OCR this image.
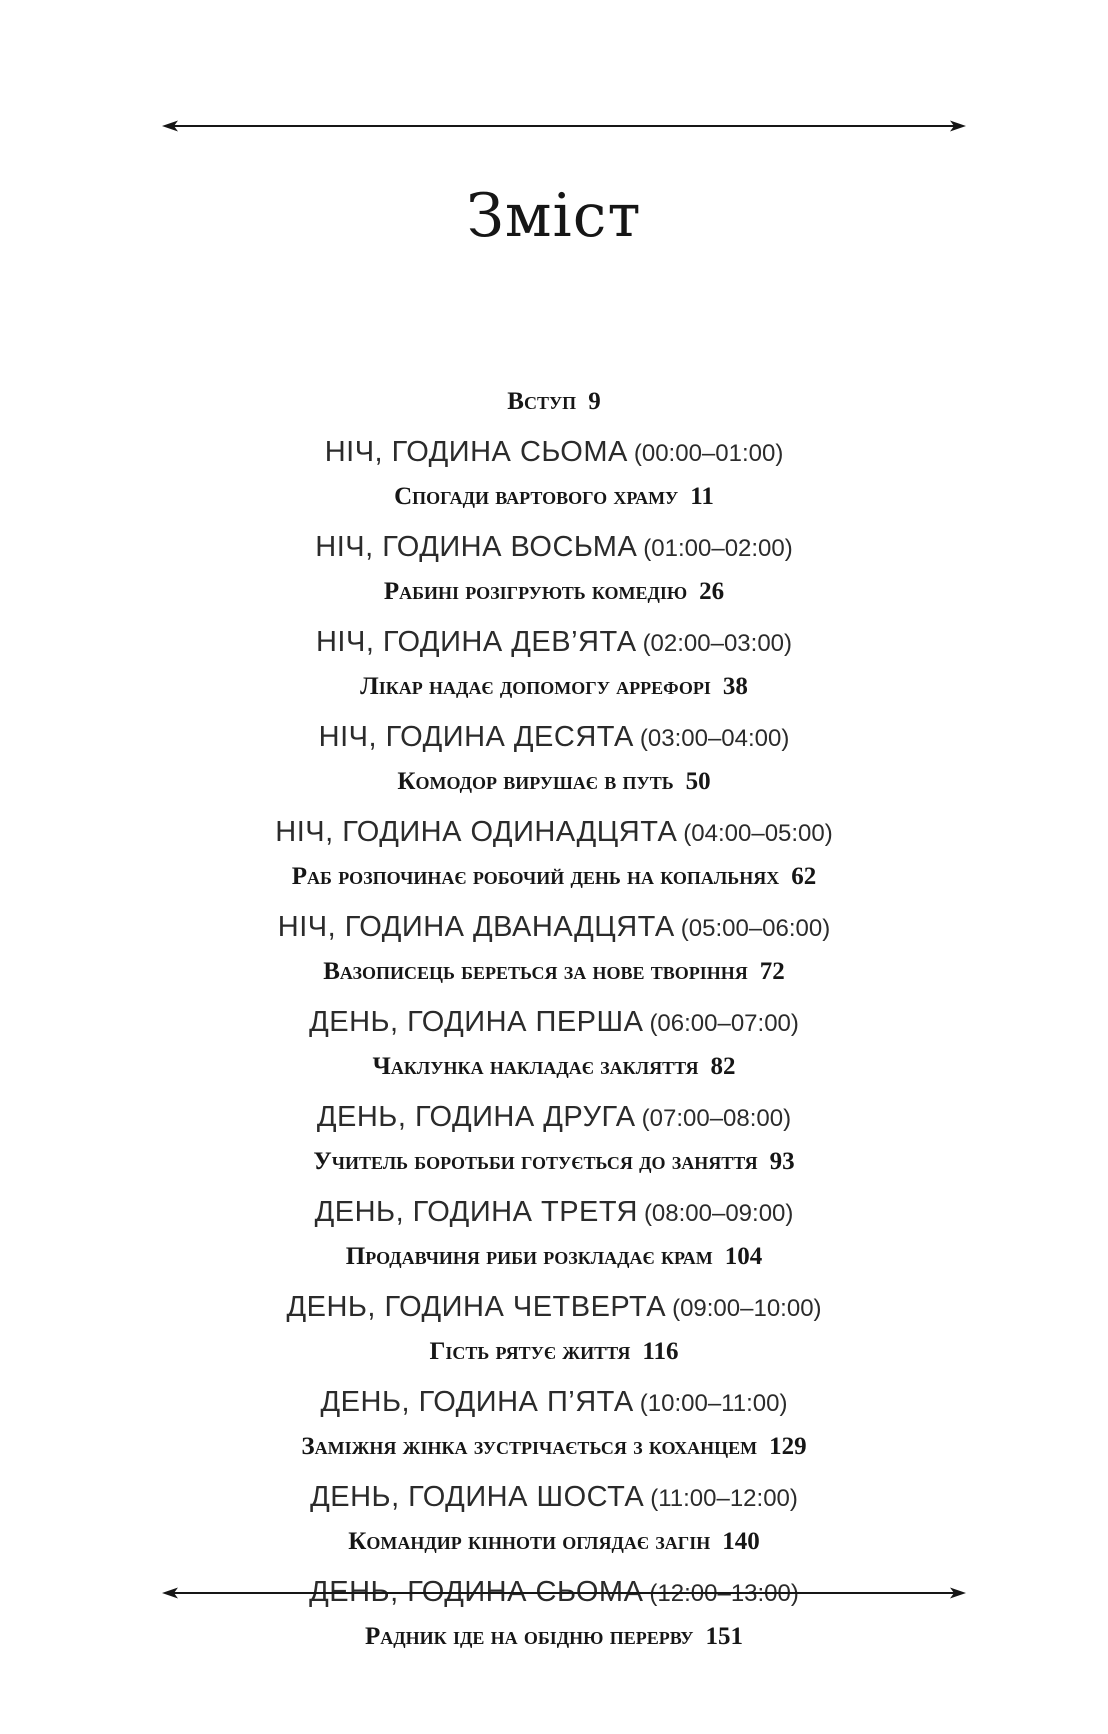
Зміст
Вступ 9
НІЧ, ГОДИНА СЬОМА (00:00–01:00)
Спогади вартового храму 11
НІЧ, ГОДИНА ВОСЬМА (01:00–02:00)
Рабині розігрують комедію 26
НІЧ, ГОДИНА ДЕВ’ЯТА (02:00–03:00)
Лікар надає допомогу аррефорі 38
НІЧ, ГОДИНА ДЕСЯТА (03:00–04:00)
Комодор вирушає в путь 50
НІЧ, ГОДИНА ОДИНАДЦЯТА (04:00–05:00)
Раб розпочинає робочий день на копальнях 62
НІЧ, ГОДИНА ДВАНАДЦЯТА (05:00–06:00)
Вазописець береться за нове творіння 72
ДЕНЬ, ГОДИНА ПЕРША (06:00–07:00)
Чаклунка накладає закляття 82
ДЕНЬ, ГОДИНА ДРУГА (07:00–08:00)
Учитель боротьби готується до заняття 93
ДЕНЬ, ГОДИНА ТРЕТЯ (08:00–09:00)
Продавчиня риби розкладає крам 104
ДЕНЬ, ГОДИНА ЧЕТВЕРТА (09:00–10:00)
Гість рятує життя 116
ДЕНЬ, ГОДИНА П’ЯТА (10:00–11:00)
Заміжня жінка зустрічається з коханцем 129
ДЕНЬ, ГОДИНА ШОСТА (11:00–12:00)
Командир кінноти оглядає загін 140
ДЕНЬ, ГОДИНА СЬОМА (12:00–13:00)
Радник іде на обідню перерву 151
